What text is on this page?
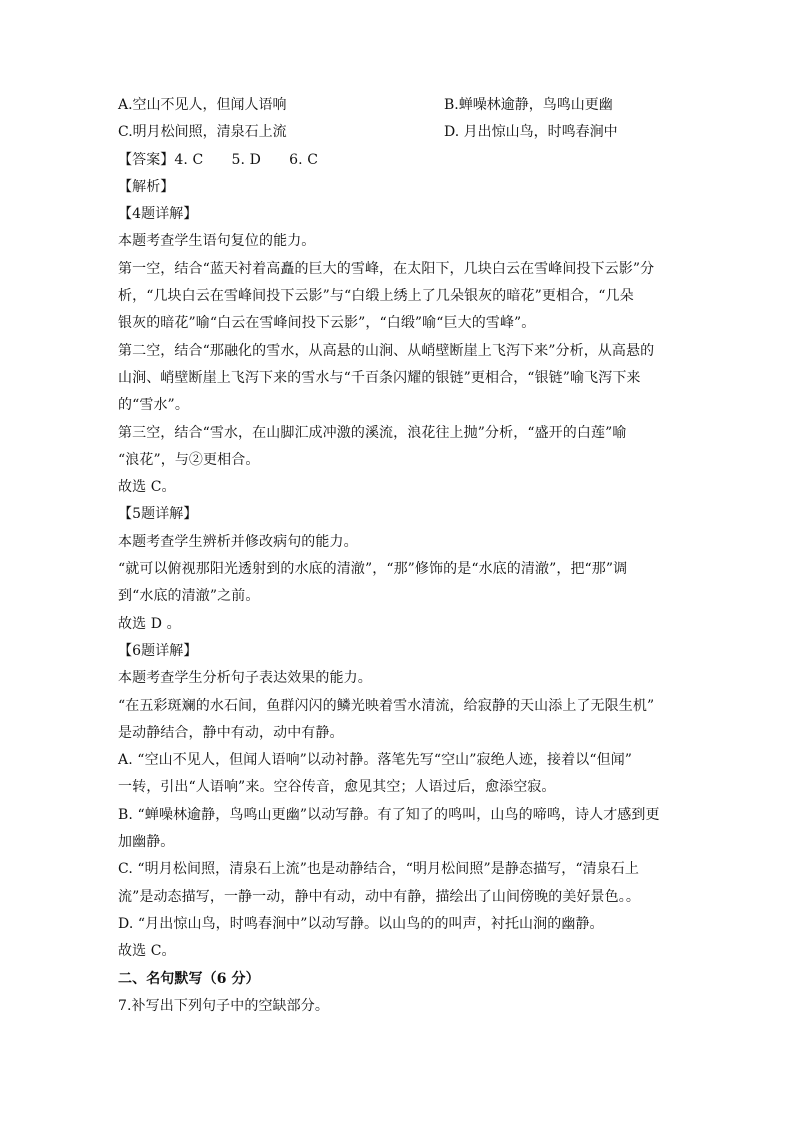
A.空山不见人，但闻人语响	B.蝉噪林逾静，鸟鸣山更幽
C.明月松间照，清泉石上流	D. 月出惊山鸟，时鸣春涧中
【答案】4. C　　5. D　　6. C
【解析】
【4题详解】
本题考查学生语句复位的能力。
第一空，结合“蓝天衬着高矗的巨大的雪峰，在太阳下，几块白云在雪峰间投下云影”分
析，“几块白云在雪峰间投下云影”与“白缎上绣上了几朵银灰的暗花”更相合，“几朵
银灰的暗花”喻“白云在雪峰间投下云影”，“白缎”喻“巨大的雪峰”。
第二空，结合“那融化的雪水，从高悬的山涧、从峭壁断崖上飞泻下来”分析，从高悬的
山涧、峭壁断崖上飞泻下来的雪水与“千百条闪耀的银链”更相合，“银链”喻飞泻下来
的“雪水”。
第三空，结合“雪水，在山脚汇成冲激的溪流，浪花往上抛”分析，“盛开的白莲”喻
“浪花”，与②更相合。
故选 C。
【5题详解】
本题考查学生辨析并修改病句的能力。
“就可以俯视那阳光透射到的水底的清澈”，“那”修饰的是“水底的清澈”，把“那”调
到“水底的清澈”之前。
故选 D 。
【6题详解】
本题考查学生分析句子表达效果的能力。
“在五彩斑斓的水石间，鱼群闪闪的鳞光映着雪水清流，给寂静的天山添上了无限生机”
是动静结合，静中有动，动中有静。
A. “空山不见人，但闻人语响”以动衬静。落笔先写“空山”寂绝人迹，接着以“但闻”
一转，引出“人语响”来。空谷传音，愈见其空；人语过后，愈添空寂。
B. “蝉噪林逾静，鸟鸣山更幽”以动写静。有了知了的鸣叫，山鸟的啼鸣，诗人才感到更
加幽静。
C. “明月松间照，清泉石上流”也是动静结合，“明月松间照”是静态描写，“清泉石上
流”是动态描写，一静一动，静中有动，动中有静，描绘出了山间傍晚的美好景色。。
D. “月出惊山鸟，时鸣春涧中”以动写静。以山鸟的的叫声，衬托山涧的幽静。
故选 C。
二、名句默写（6 分）
7.补写出下列句子中的空缺部分。
